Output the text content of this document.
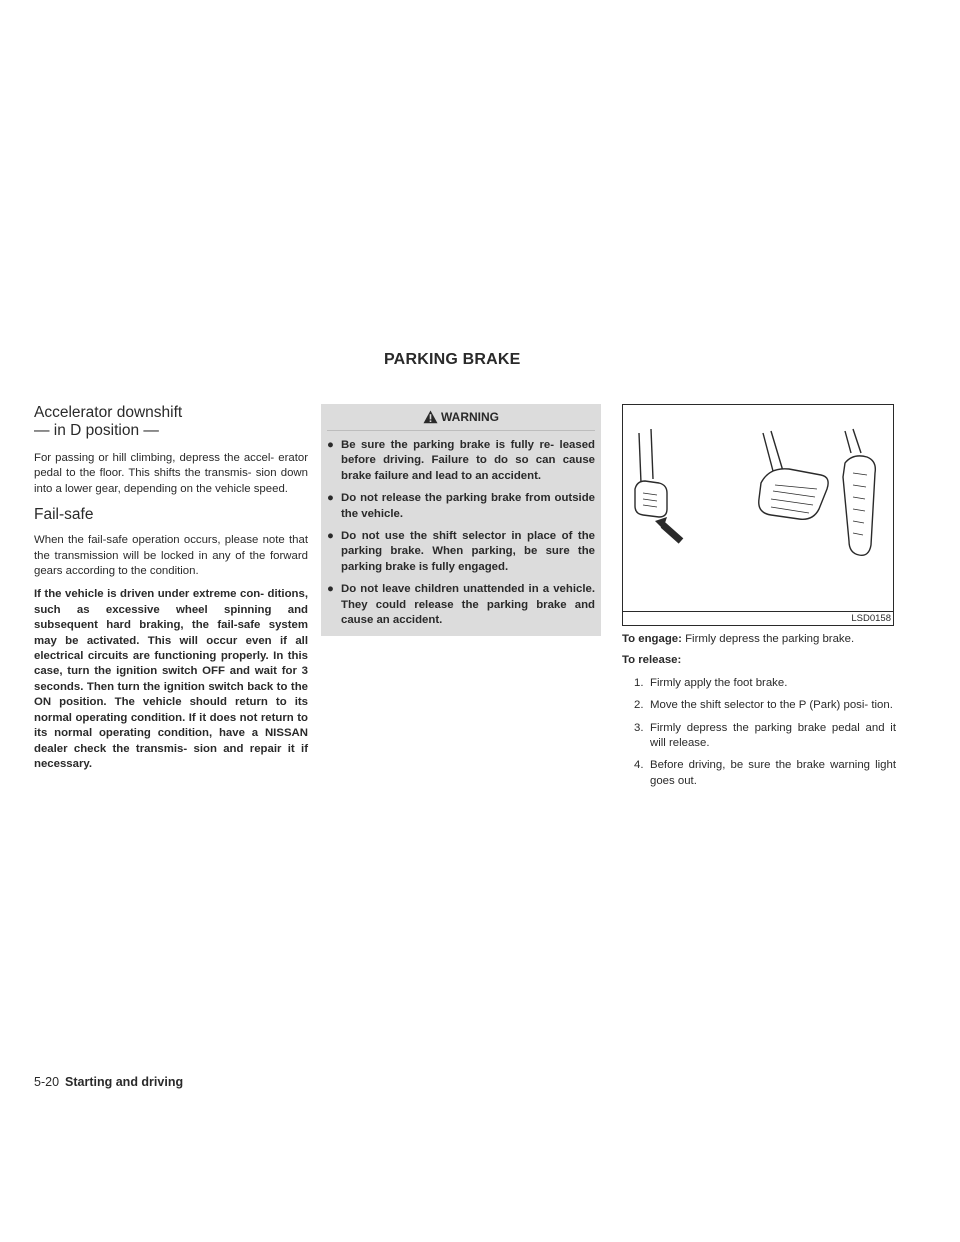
PARKING BRAKE
Accelerator downshift
— in D position —

For passing or hill climbing, depress the accel- erator pedal to the floor. This shifts the transmis- sion down into a lower gear, depending on the vehicle speed.

Fail-safe

When the fail-safe operation occurs, please note that the transmission will be locked in any of the forward gears according to the condition.

If the vehicle is driven under extreme con- ditions, such as excessive wheel spinning and subsequent hard braking, the fail-safe system may be activated. This will occur even if all electrical circuits are functioning properly. In this case, turn the ignition switch OFF and wait for 3 seconds. Then turn the ignition switch back to the ON position. The vehicle should return to its normal operating condition. If it does not return to its normal operating condition, have a NISSAN dealer check the transmis- sion and repair it if necessary.

WARNING
● Be sure the parking brake is fully re- leased before driving. Failure to do so can cause brake failure and lead to an accident.
● Do not release the parking brake from outside the vehicle.
● Do not use the shift selector in place of the parking brake. When parking, be sure the parking brake is fully engaged.
● Do not leave children unattended in a vehicle. They could release the parking brake and cause an accident.	LSD0158
To engage: Firmly depress the parking brake.
To release:
1. Firmly apply the foot brake.
2. Move the shift selector to the P (Park) posi- tion.
3. Firmly depress the parking brake pedal and it will release.
4. Before driving, be sure the brake warning light goes out.
5-20 Starting and driving
